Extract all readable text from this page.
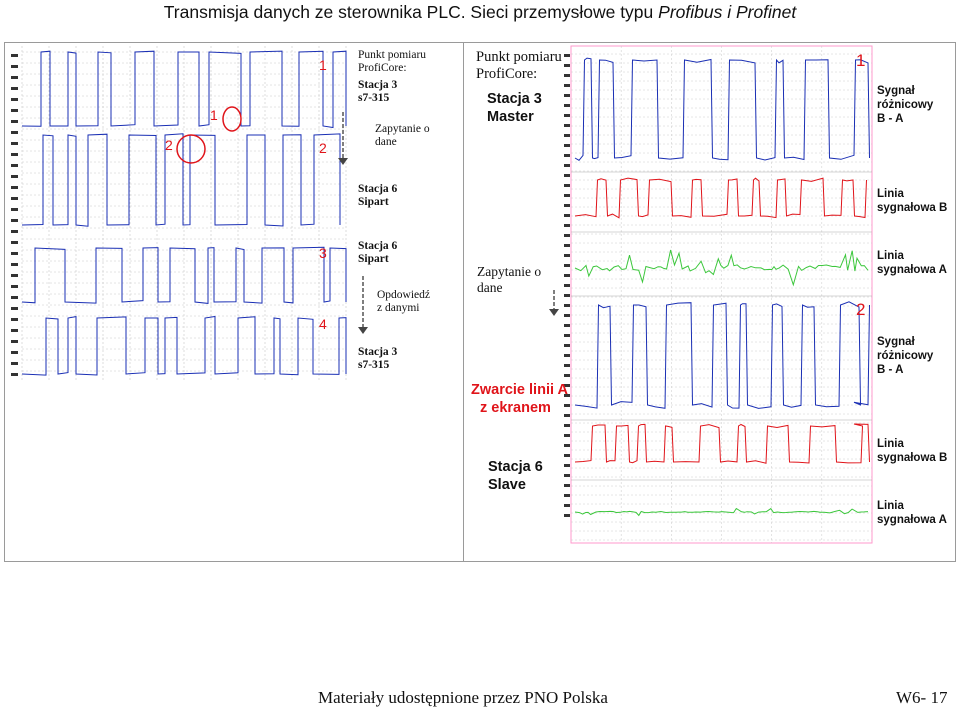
Transmisja danych ze sterownika PLC. Sieci przemysłowe typu Profibus i Profinet
Punkt pomiaru
ProfiCore:
Stacja 3
s7-315
Zapytanie o
dane
Stacja 6
Sipart
Stacja 6
Sipart
Opdowiedź
z danymi
Stacja 3
s7-315
1
2
3
4
1
2
Punkt pomiaru
ProfiCore:
Stacja 3
Master
Zapytanie o
dane
Zwarcie linii A
z ekranem
Stacja 6
Slave
1
2
Sygnał
różnicowy
B - A
Linia
sygnałowa B
Linia
sygnałowa A
Sygnał
różnicowy
B - A
Linia
sygnałowa B
Linia
sygnałowa A
Materiały udostępnione przez PNO Polska	W6- 17
